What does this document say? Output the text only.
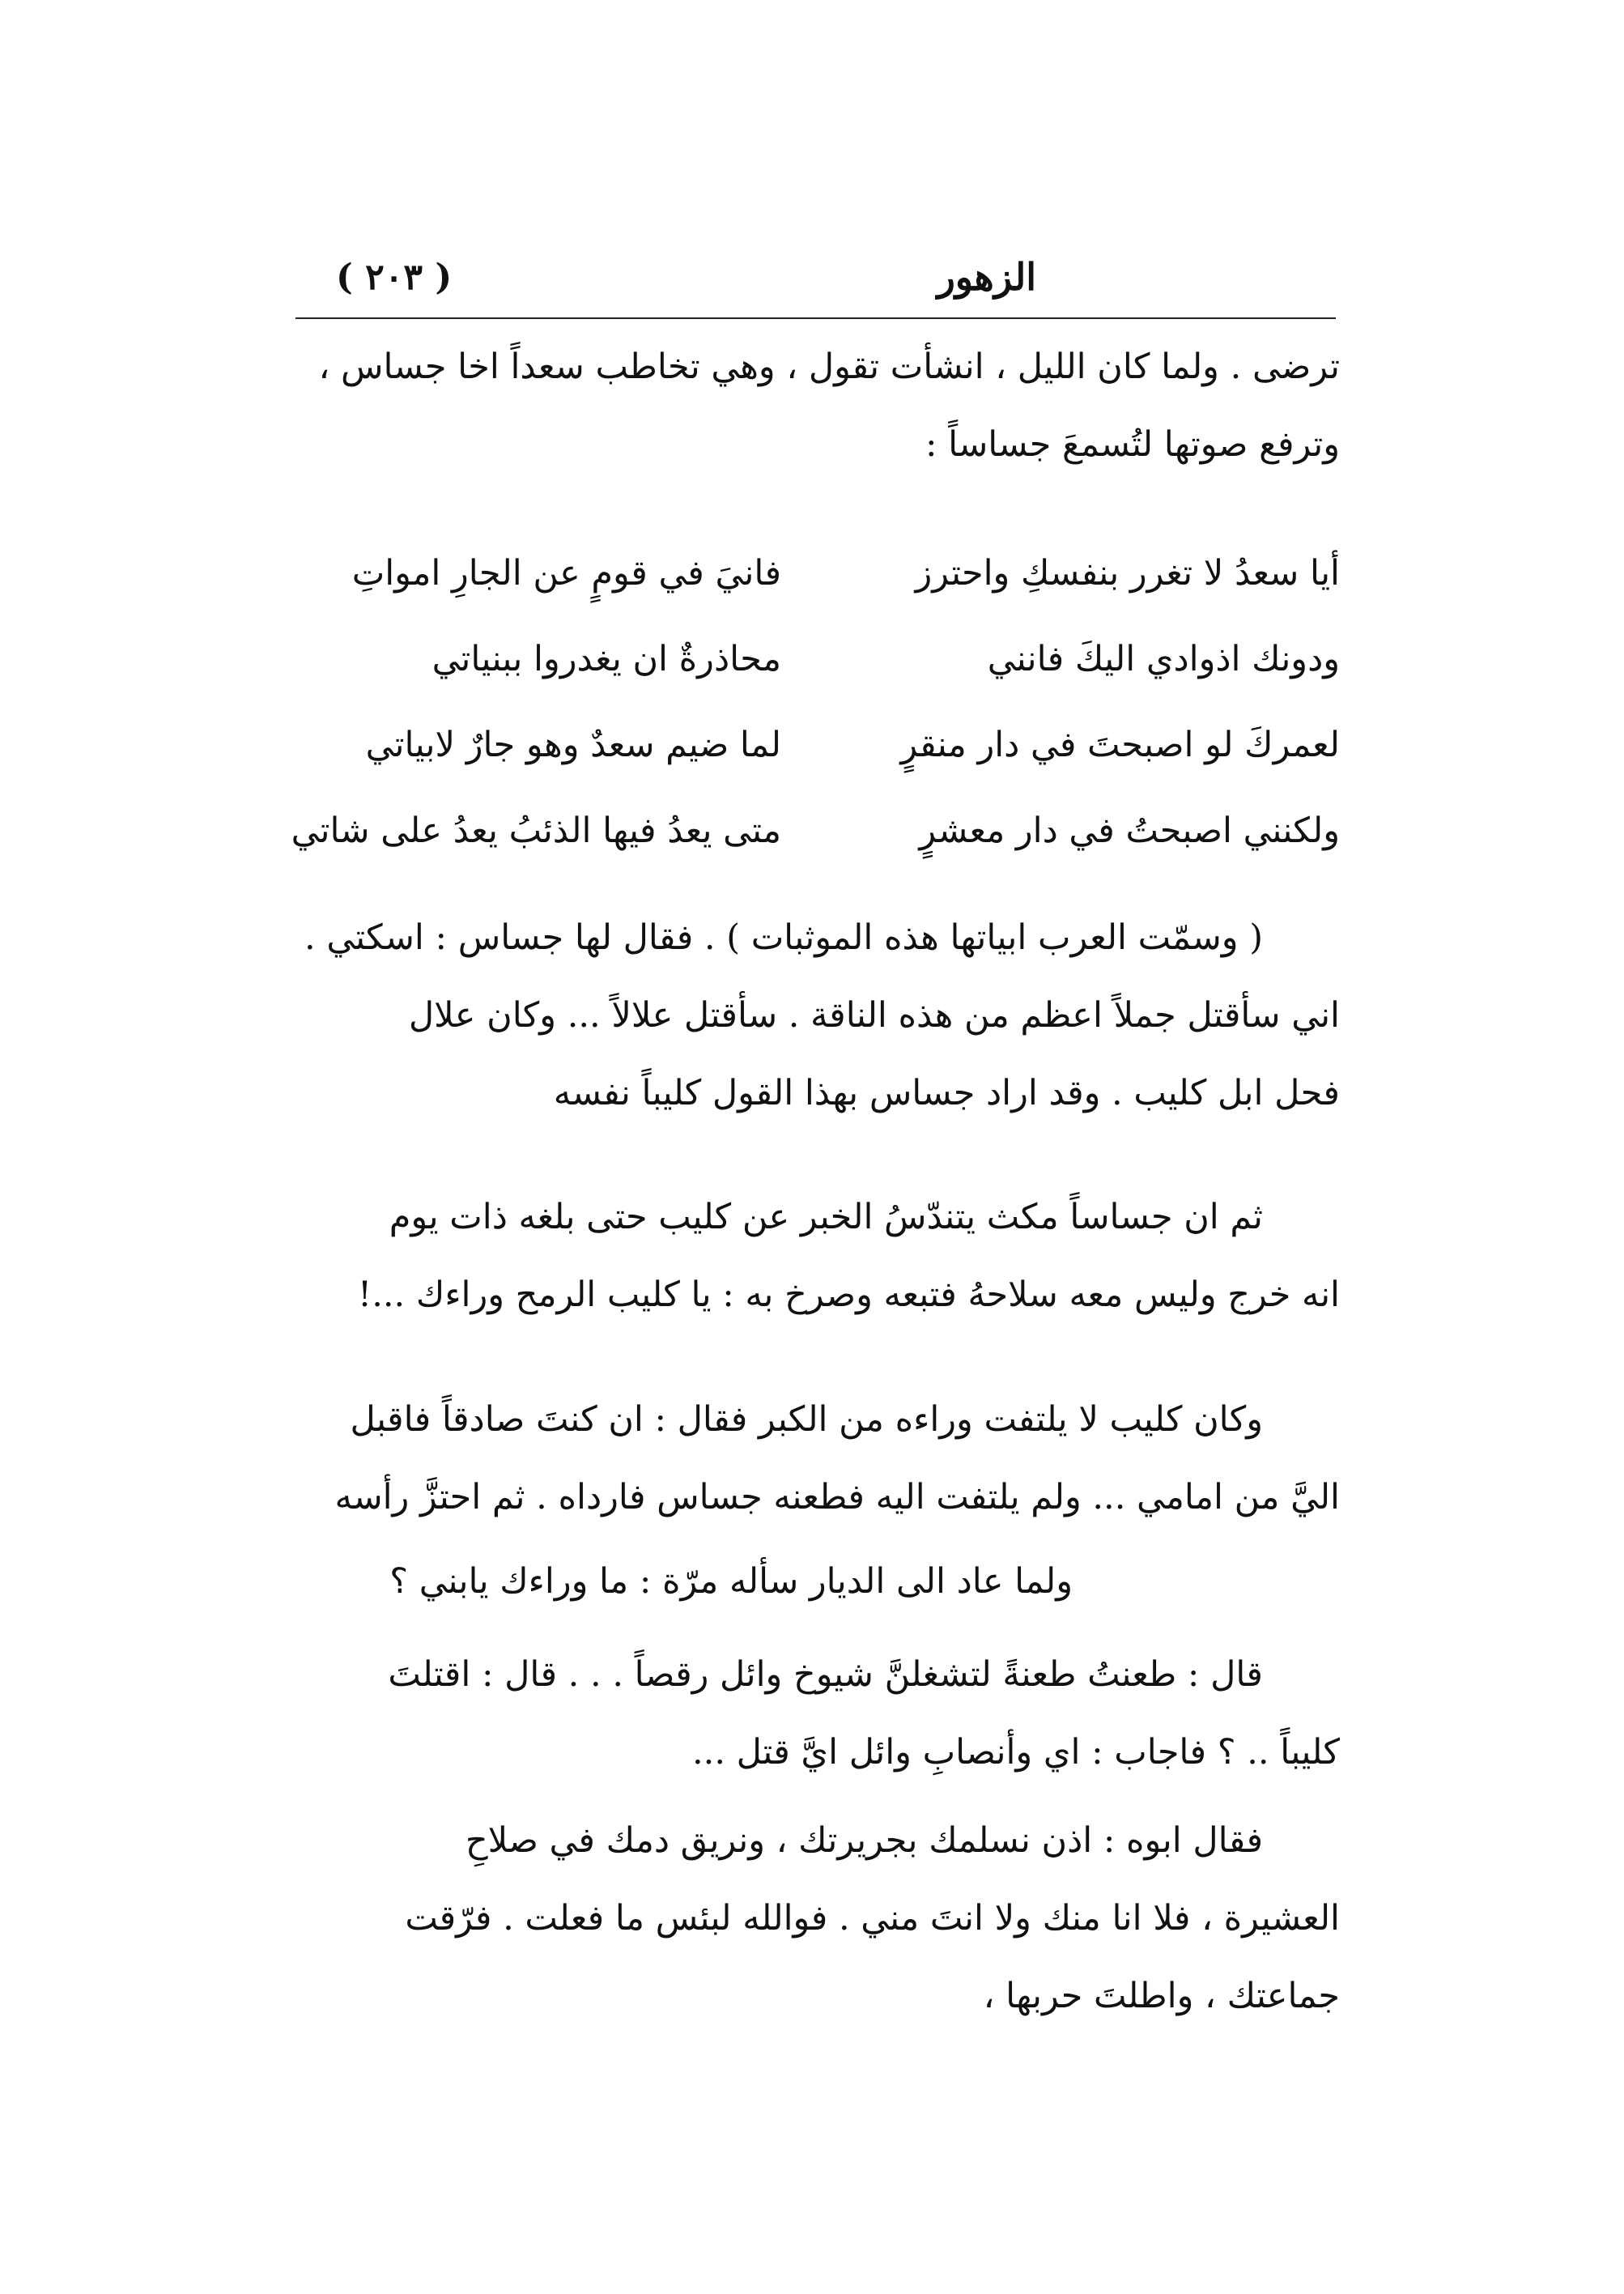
الزهور
( ٢٠٣ )
ترضى . ولما كان الليل ، انشأت تقول ، وهي تخاطب سعداً اخا جساس ،
وترفع صوتها لتُسمعَ جساساً :
أيا سعدُ لا تغرر بنفسكِ واحترز
فانيَ في قومٍ عن الجارِ امواتِ
ودونك اذوادي اليكَ فانني
محاذرةٌ ان يغدروا ببنياتي
لعمركَ لو اصبحتَ في دار منقرٍ
لما ضيم سعدٌ وهو جارٌ لابياتي
ولكنني اصبحتُ في دار معشرٍ
متى يعدُ فيها الذئبُ يعدُ على شاتي
( وسمّت العرب ابياتها هذه الموثبات ) . فقال لها جساس : اسكتي .
اني سأقتل جملاً اعظم من هذه الناقة . سأقتل علالاً ... وكان علال
فحل ابل كليب . وقد اراد جساس بهذا القول كليباً نفسه
ثم ان جساساً مكث يتندّسُ الخبر عن كليب حتى بلغه ذات يوم
انه خرج وليس معه سلاحهُ فتبعه وصرخ به : يا كليب الرمح وراءك ...!
وكان كليب لا يلتفت وراءه من الكبر فقال : ان كنتَ صادقاً فاقبل
اليَّ من امامي ... ولم يلتفت اليه فطعنه جساس فارداه . ثم احتزَّ رأسه
ولما عاد الى الديار سأله مرّة : ما وراءك يابني ؟
قال : طعنتُ طعنةً لتشغلنَّ شيوخ وائل رقصاً . . . قال : اقتلتَ
كليباً .. ؟ فاجاب : اي وأنصابِ وائل ايَّ قتل ...
فقال ابوه : اذن نسلمك بجريرتك ، ونريق دمك في صلاحِ
العشيرة ، فلا انا منك ولا انتَ مني . فوالله لبئس ما فعلت . فرّقت
جماعتك ، واطلتَ حربها ،
